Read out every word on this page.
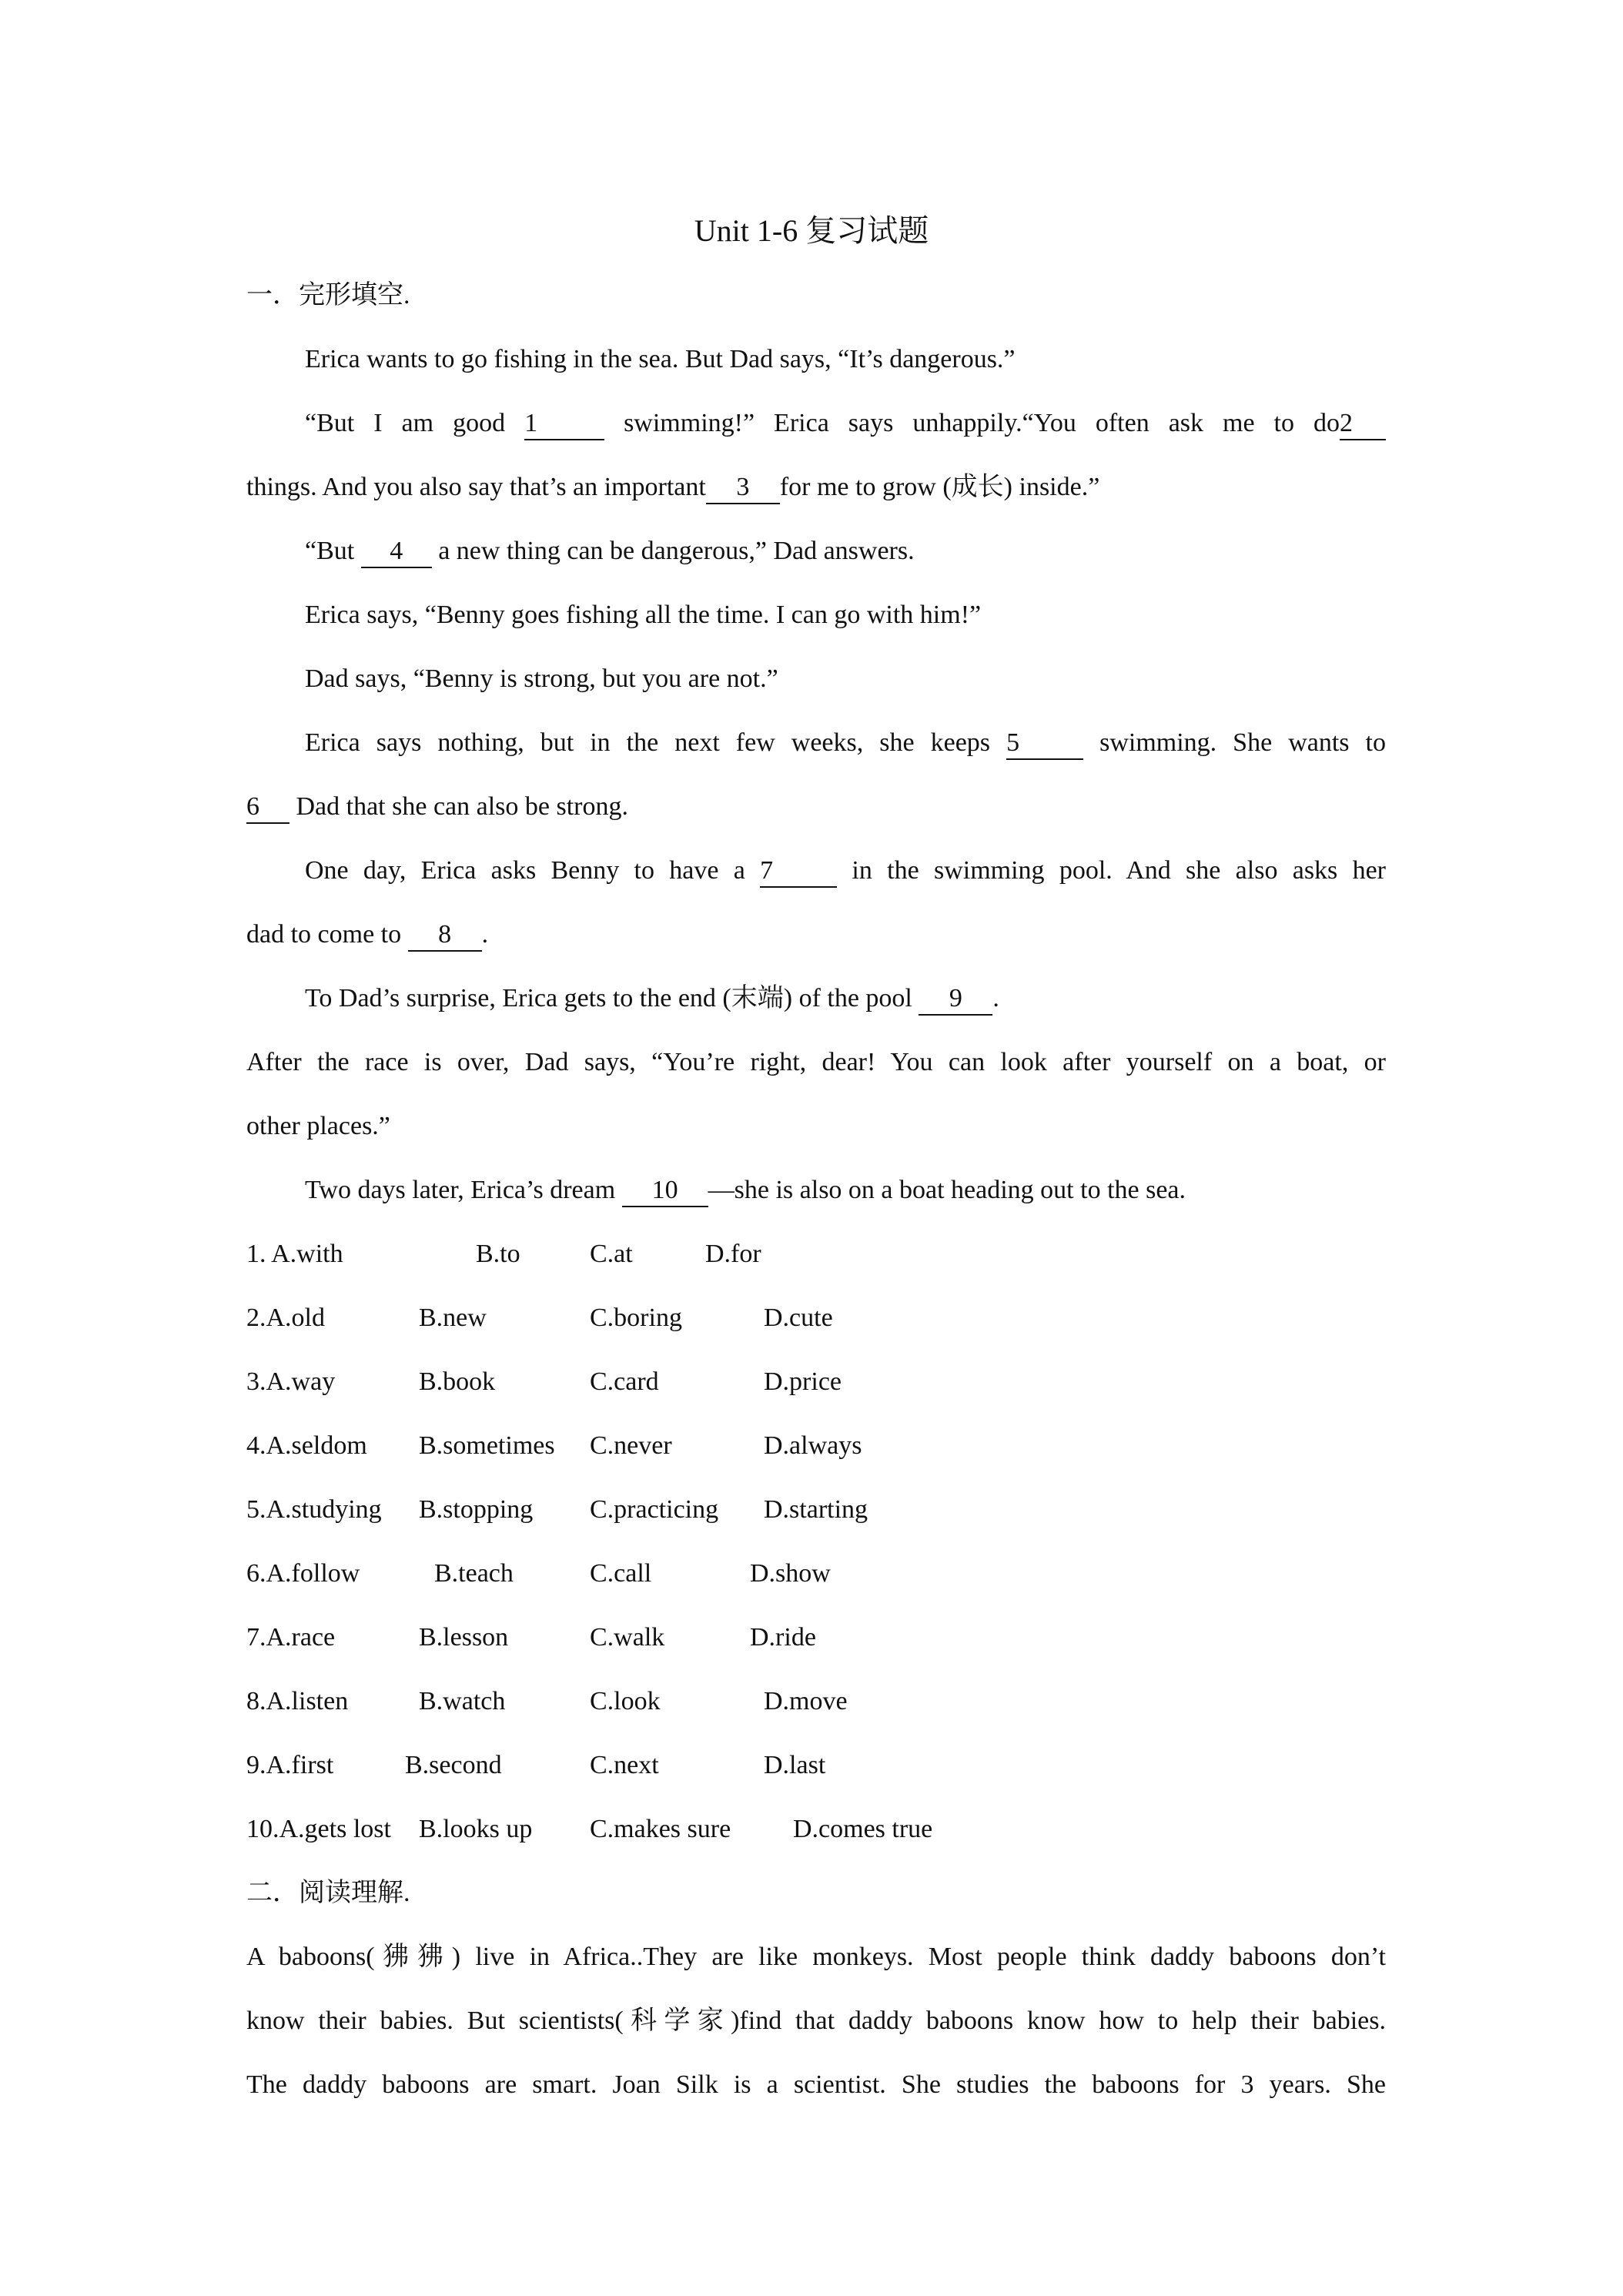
Unit 1-6 复习试题
一．完形填空.
Erica wants to go fishing in the sea. But Dad says, “It’s dangerous.”
“But I am good 1	swimming!” Erica says unhappily.“You often ask me to do2
things. And you also say that’s an important 3 for me to grow (成长) inside.”
“But 4 a new thing can be dangerous,” Dad answers.
Erica says, “Benny goes fishing all the time. I can go with him!”
Dad says, “Benny is strong, but you are not.”
Erica says nothing, but in the next few weeks, she keeps 5	swimming. She wants to
6 Dad that she can also be strong.
One day, Erica asks Benny to have a 7	in the swimming pool. And she also asks her
dad to come to 8 .
To Dad’s surprise, Erica gets to the end (末端) of the pool 9 .
After the race is over, Dad says, “You’re right, dear! You can look after yourself on a boat, or
other places.”
Two days later, Erica’s dream 10 —she is also on a boat heading out to the sea.
1. A.with	B.to	C.at	D.for
2.A.old	B.new	C.boring	D.cute
3.A.way	B.book	C.card	D.price
4.A.seldom B.sometimes C.never	D.always
5.A.studying B.stopping C.practicing D.starting
6.A.follow	B.teach	C.call	D.show
7.A.race	B.lesson	C.walk	D.ride
8.A.listen	B.watch	C.look	D.move
9.A.first	B.second	C.next	D.last
10.A.gets lost B.looks up C.makes sure D.comes true
二．阅读理解.
A baboons(狒狒) live in Africa..They are like monkeys. Most people think daddy baboons don’t
know their babies. But scientists(科学家)find that daddy baboons know how to help their babies.
The daddy baboons are smart. Joan Silk is a scientist. She studies the baboons for 3 years. She
